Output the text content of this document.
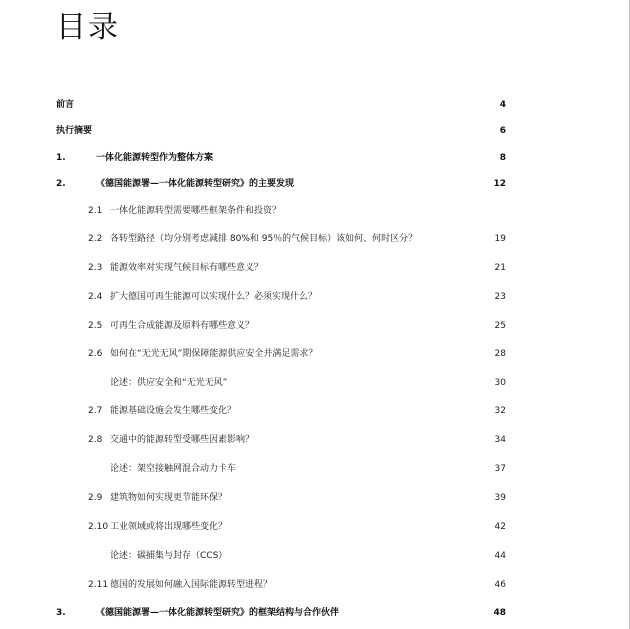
目录
前言	4
执行摘要	6
1.	一体化能源转型作为整体方案	8
2.	《德国能源署—一体化能源转型研究》的主要发现	12
2.1 一体化能源转型需要哪些框架条件和投资？
2.2 各转型路径（均分别考虑减排 80%和 95％的气候目标）该如何、何时区分？	19
2.3 能源效率对实现气候目标有哪些意义？	21
2.4 扩大德国可再生能源可以实现什么？必须实现什么？	23
2.5 可再生合成能源及原料有哪些意义？	25
2.6 如何在“无光无风”期保障能源供应安全并满足需求？	28
论述：供应安全和“无光无风”	30
2.7 能源基础设施会发生哪些变化？	32
2.8 交通中的能源转型受哪些因素影响？	34
论述：架空接触网混合动力卡车	37
2.9 建筑物如何实现更节能环保？	39
2.10 工业领域或将出现哪些变化？	42
论述：碳捕集与封存（CCS）	44
2.11 德国的发展如何融入国际能源转型进程？	46
3.	《德国能源署—一体化能源转型研究》的框架结构与合作伙伴	48
